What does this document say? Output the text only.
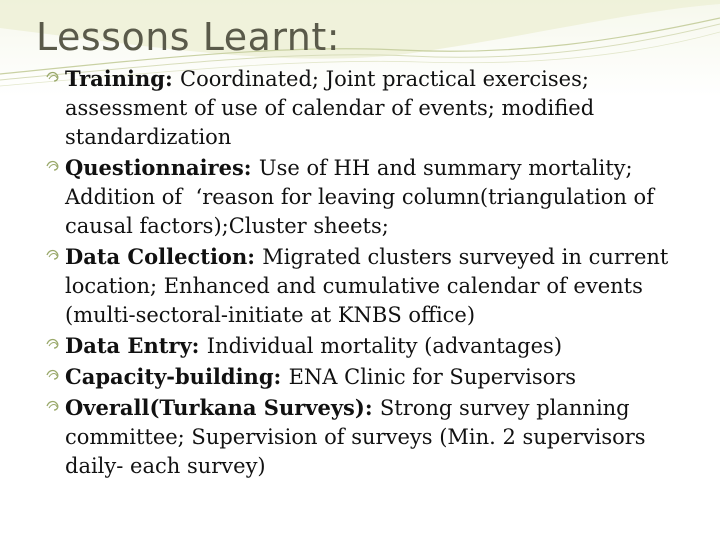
Lessons Learnt:
Training: Coordinated; Joint practical exercises; assessment of use of calendar of events; modified standardization
Questionnaires: Use of HH and summary mortality; Addition of  ‘reason for leaving column(triangulation of causal factors);Cluster sheets;
Data Collection: Migrated clusters surveyed in current location; Enhanced and cumulative calendar of events (multi-sectoral-initiate at KNBS office)
Data Entry: Individual mortality (advantages)
Capacity-building: ENA Clinic for Supervisors
Overall(Turkana Surveys): Strong survey planning committee; Supervision of surveys (Min. 2 supervisors daily- each survey)
